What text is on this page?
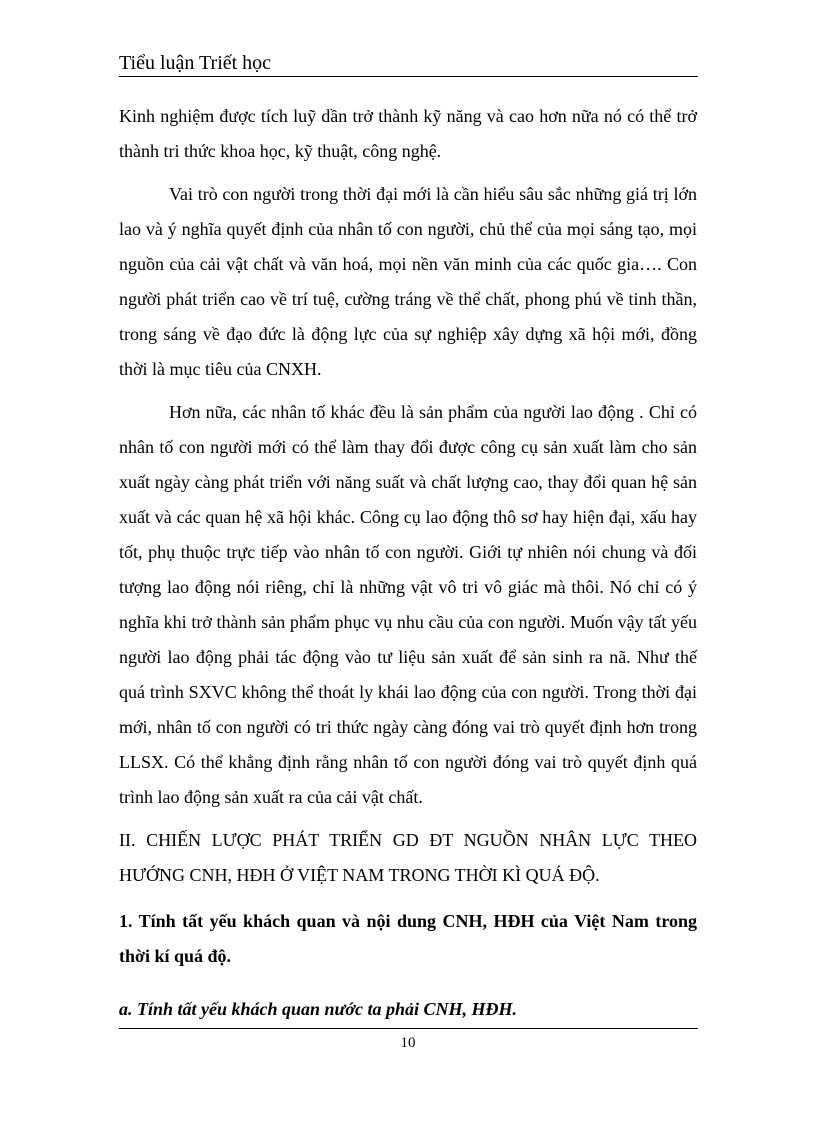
Tiểu luận Triết học

Kinh nghiệm được tích luỹ dần trở thành kỹ năng và cao hơn nữa nó có thể trở thành tri thức khoa học, kỹ thuật, công nghệ.

Vai trò con người trong thời đại mới là cần hiểu sâu sắc những giá trị lớn lao và ý nghĩa quyết định của nhân tố con người, chủ thể của mọi sáng tạo, mọi nguồn của cải vật chất và văn hoá, mọi nền văn minh của các quốc gia…. Con người phát triển cao về trí tuệ, cường tráng về thể chất, phong phú về tinh thần, trong sáng về đạo đức là động lực của sự nghiệp xây dựng xã hội mới, đồng thời là mục tiêu của CNXH.

Hơn nữa, các nhân tố khác đều là sản phẩm của người lao động . Chỉ có nhân tố con người mới có thể làm thay đổi được công cụ sản xuất làm cho sản xuất ngày càng phát triển với năng suất và chất lượng cao, thay đổi quan hệ sản xuất và các quan hệ xã hội khác. Công cụ lao động thô sơ hay hiện đại, xấu hay tốt, phụ thuộc trực tiếp vào nhân tố con người. Giới tự nhiên nói chung và đối tượng lao động nói riêng, chỉ là những vật vô tri vô giác mà thôi. Nó chỉ có ý nghĩa khi trở thành sản phẩm phục vụ nhu cầu của con người. Muốn vậy tất yếu người lao động phải tác động vào tư liệu sản xuất để sản sinh ra nã. Như thế quá trình SXVC không thể thoát ly khái lao động của con người. Trong thời đại mới, nhân tố con người có tri thức ngày càng đóng vai trò quyết định hơn trong LLSX. Có thể khẳng định rằng nhân tố con người đóng vai trò quyết định quá trình lao động sản xuất ra của cải vật chất.

II. CHIẾN LƯỢC PHÁT TRIỂN GD ĐT NGUỒN NHÂN LỰC THEO HƯỚNG CNH, HĐH Ở VIỆT NAM TRONG THỜI KÌ QUÁ ĐỘ.

1. Tính tất yếu khách quan và nội dung CNH, HĐH của Việt Nam trong thời kí quá độ.

a. Tính tất yếu khách quan nước ta phải CNH, HĐH.

10
